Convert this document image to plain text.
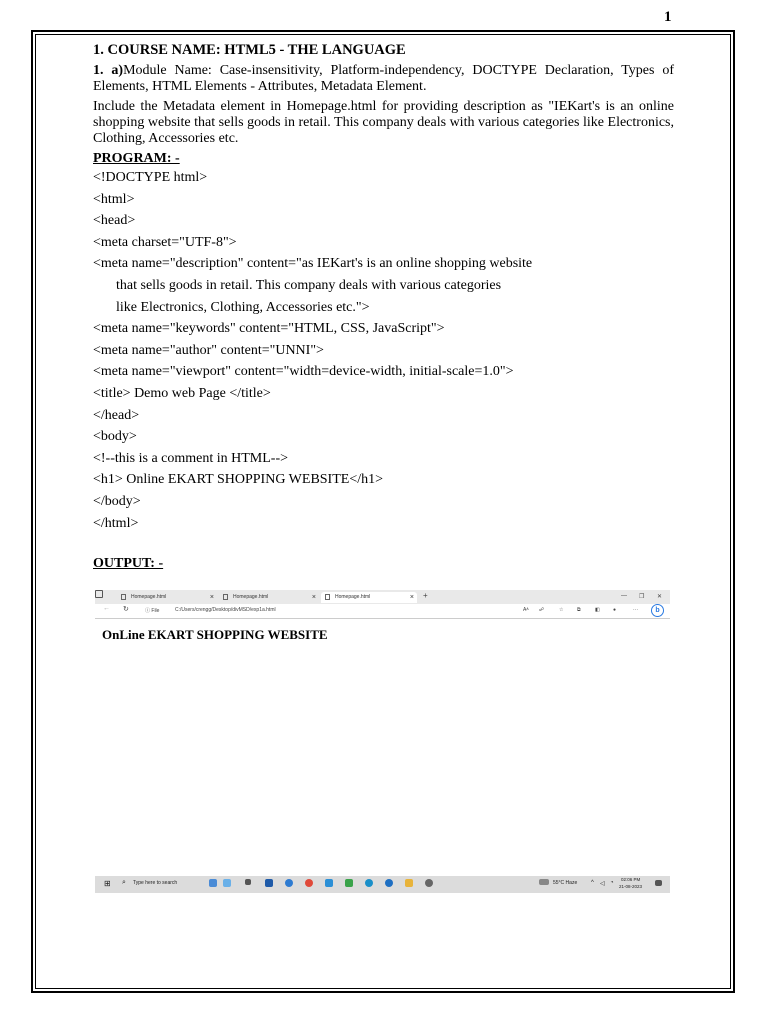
1
1. COURSE NAME: HTML5 - THE LANGUAGE
1. a)Module Name: Case-insensitivity, Platform-independency, DOCTYPE Declaration, Types of Elements, HTML Elements - Attributes, Metadata Element.
Include the Metadata element in Homepage.html for providing description as "IEKart's is an online shopping website that sells goods in retail. This company deals with various categories like Electronics, Clothing, Accessories etc.
PROGRAM: -
<!DOCTYPE html>
<html>
<head>
<meta charset="UTF-8">
<meta name="description" content="as IEKart's is an online shopping website
that sells goods in retail. This company deals with various categories
like Electronics, Clothing, Accessories etc.">
<meta name="keywords" content="HTML, CSS, JavaScript">
<meta name="author" content="UNNI">
<meta name="viewport" content="width=device-width, initial-scale=1.0">
<title> Demo web Page </title>
</head>
<body>
<!--this is a comment in HTML-->
<h1> Online EKART SHOPPING WEBSITE</h1>
</body>
</html>
OUTPUT: -
Homepage.html	×	Homepage.html	×	Homepage.html	× +	— ❐ ✕
← ↻	ⓘ File	C:/Users/crengg/Desktop/divMSD/exp1a.html	Aᴬ ☍	☆	⧉	◧	●	···	b
OnLine EKART SHOPPING WEBSITE
⊞ ⌕ Type here to search	55°C Haze ^ ◁ ◔
02:06 PM
21-08-2023
